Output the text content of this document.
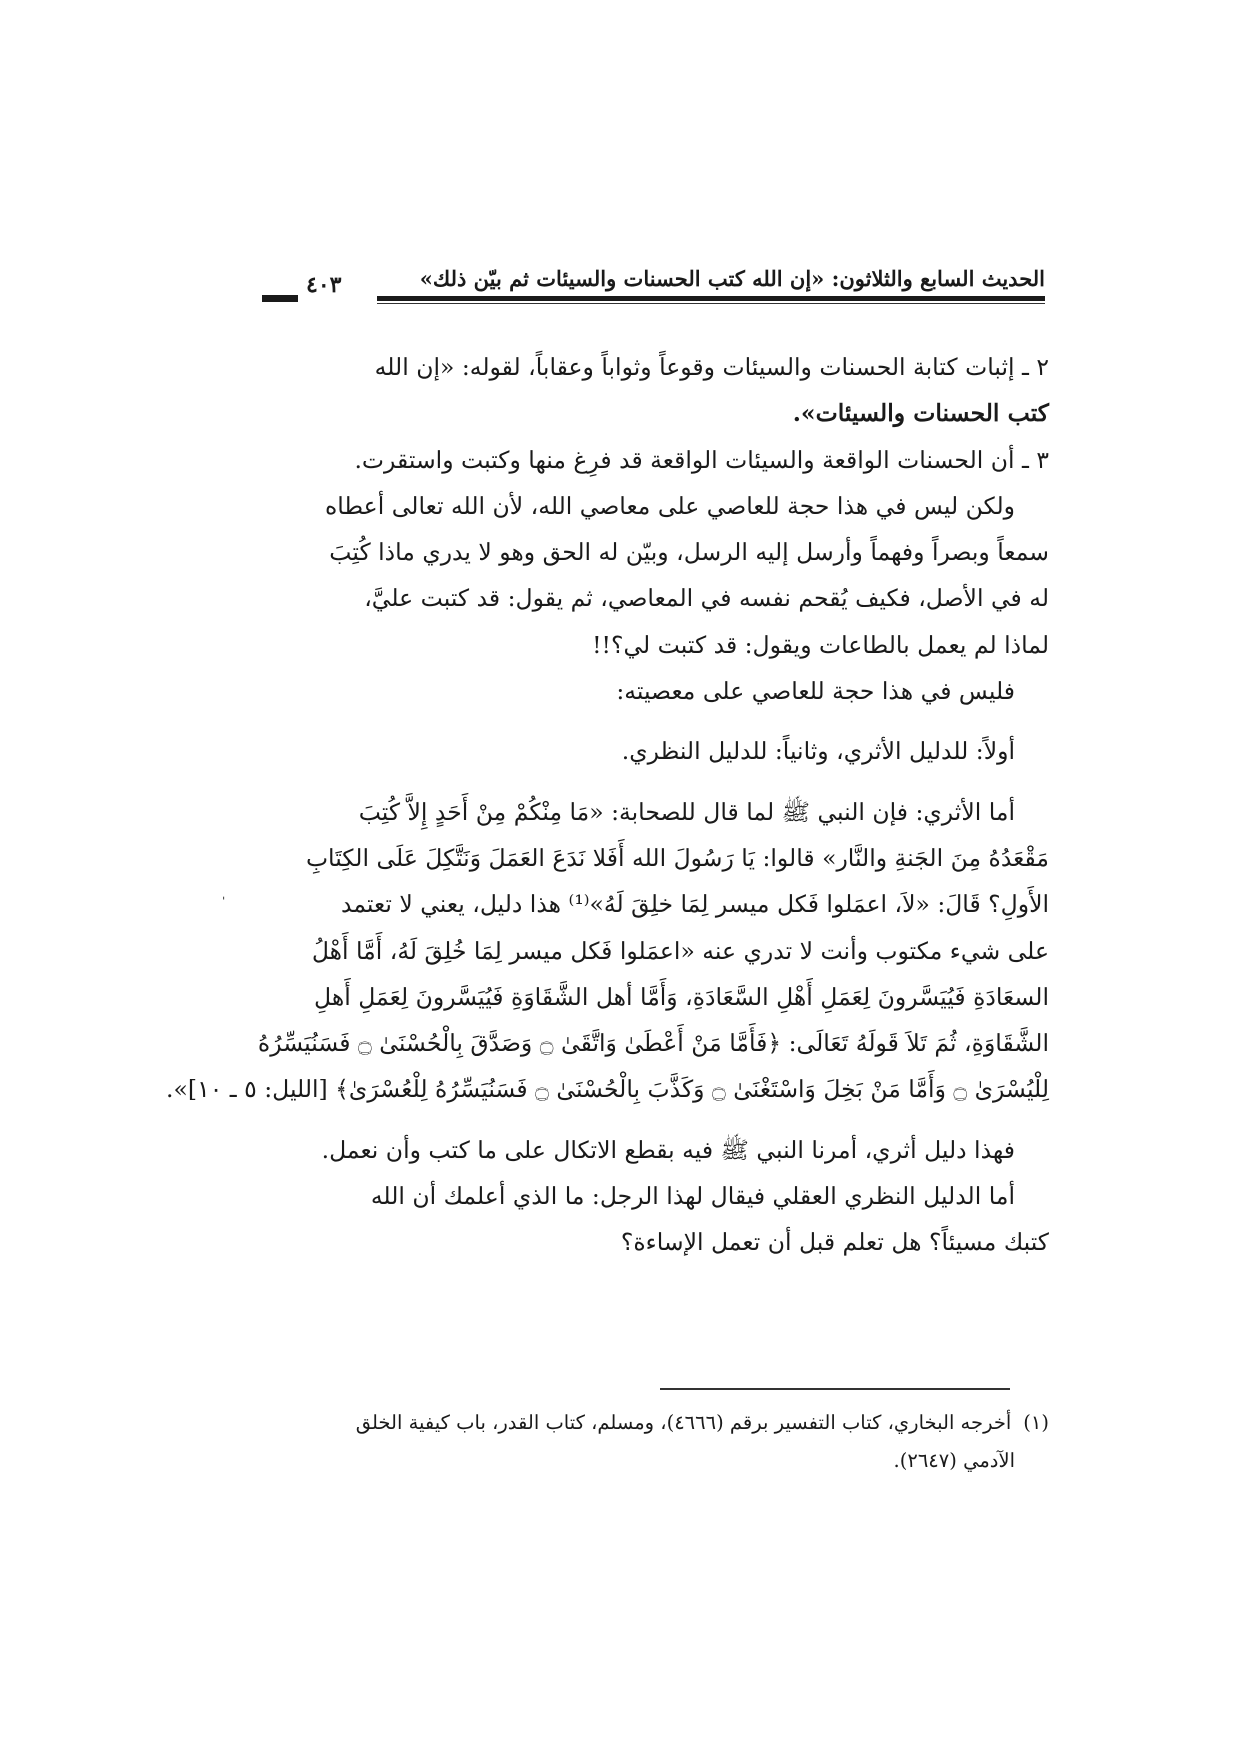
الحديث السابع والثلاثون: «إن الله كتب الحسنات والسيئات ثم بيّن ذلك»
٤٠٣
٢ ـ إثبات كتابة الحسنات والسيئات وقوعاً وثواباً وعقاباً، لقوله: «إن الله
كتب الحسنات والسيئات».
٣ ـ أن الحسنات الواقعة والسيئات الواقعة قد فرِغ منها وكتبت واستقرت.
ولكن ليس في هذا حجة للعاصي على معاصي الله، لأن الله تعالى أعطاه
سمعاً وبصراً وفهماً وأرسل إليه الرسل، وبيّن له الحق وهو لا يدري ماذا كُتِبَ
له في الأصل، فكيف يُقحم نفسه في المعاصي، ثم يقول: قد كتبت عليَّ،
لماذا لم يعمل بالطاعات ويقول: قد كتبت لي؟!!
فليس في هذا حجة للعاصي على معصيته:
أولاً: للدليل الأثري، وثانياً: للدليل النظري.
أما الأثري: فإن النبي ﷺ لما قال للصحابة: «مَا مِنْكُمْ مِنْ أَحَدٍ إِلاَّ كُتِبَ
مَقْعَدُهُ مِنَ الجَنةِ والنَّار» قالوا: يَا رَسُولَ الله أَفَلا نَدَعَ العَمَلَ وَنَتَّكِلَ عَلَى الكِتَابِ
الأَولِ؟ قَالَ: «لاَ، اعمَلوا فَكل ميسر لِمَا خلِقَ لَهُ»⁽¹⁾ هذا دليل، يعني لا تعتمد
على شيء مكتوب وأنت لا تدري عنه «اعمَلوا فَكل ميسر لِمَا خُلِقَ لَهُ، أَمَّا أَهْلُ
السعَادَةِ فَيُيَسَّرونَ لِعَمَلِ أَهْلِ السَّعَادَةِ، وَأَمَّا أهل الشَّقَاوَةِ فَيُيَسَّرونَ لِعَمَلِ أَهلِ
الشَّقَاوَةِ، ثُمَ تَلاَ قَولَهُ تَعَالَى: ﴿فَأَمَّا مَنْ أَعْطَىٰ وَاتَّقَىٰ ۝ وَصَدَّقَ بِالْحُسْنَىٰ ۝ فَسَنُيَسِّرُهُ
لِلْيُسْرَىٰ ۝ وَأَمَّا مَنْ بَخِلَ وَاسْتَغْنَىٰ ۝ وَكَذَّبَ بِالْحُسْنَىٰ ۝ فَسَنُيَسِّرُهُ لِلْعُسْرَىٰ﴾ [الليل: ٥ ـ ١٠]».
فهذا دليل أثري، أمرنا النبي ﷺ فيه بقطع الاتكال على ما كتب وأن نعمل.
أما الدليل النظري العقلي فيقال لهذا الرجل: ما الذي أعلمك أن الله
كتبك مسيئاً؟ هل تعلم قبل أن تعمل الإساءة؟
ˌ
(١)أخرجه البخاري، كتاب التفسير برقم (٤٦٦٦)، ومسلم، كتاب القدر، باب كيفية الخلق
الآدمي (٢٦٤٧).
